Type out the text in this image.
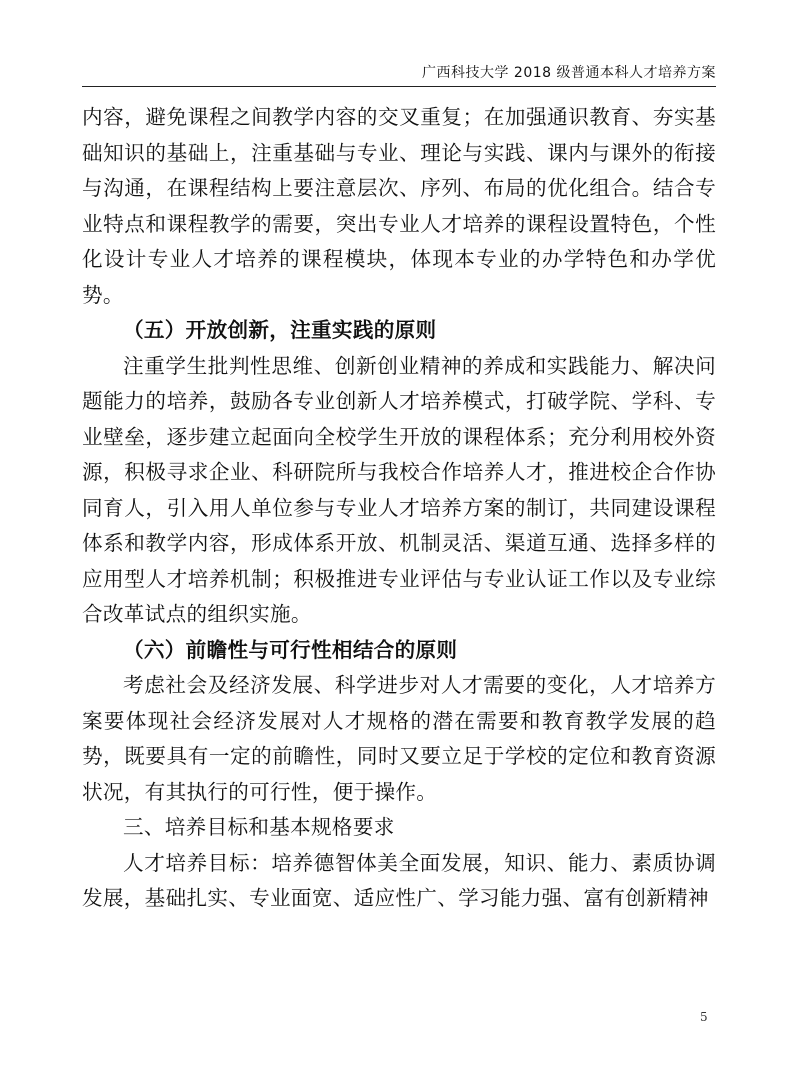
广西科技大学 2018 级普通本科人才培养方案

内容，避免课程之间教学内容的交叉重复；在加强通识教育、夯实基础知识的基础上，注重基础与专业、理论与实践、课内与课外的衔接与沟通，在课程结构上要注意层次、序列、布局的优化组合。结合专业特点和课程教学的需要，突出专业人才培养的课程设置特色，个性化设计专业人才培养的课程模块，体现本专业的办学特色和办学优势。

（五）开放创新，注重实践的原则

注重学生批判性思维、创新创业精神的养成和实践能力、解决问题能力的培养，鼓励各专业创新人才培养模式，打破学院、学科、专业壁垒，逐步建立起面向全校学生开放的课程体系；充分利用校外资源，积极寻求企业、科研院所与我校合作培养人才，推进校企合作协同育人，引入用人单位参与专业人才培养方案的制订，共同建设课程体系和教学内容，形成体系开放、机制灵活、渠道互通、选择多样的应用型人才培养机制；积极推进专业评估与专业认证工作以及专业综合改革试点的组织实施。

（六）前瞻性与可行性相结合的原则

考虑社会及经济发展、科学进步对人才需要的变化，人才培养方案要体现社会经济发展对人才规格的潜在需要和教育教学发展的趋势，既要具有一定的前瞻性，同时又要立足于学校的定位和教育资源状况，有其执行的可行性，便于操作。

三、培养目标和基本规格要求

人才培养目标：培养德智体美全面发展，知识、能力、素质协调发展，基础扎实、专业面宽、适应性广、学习能力强、富有创新精神

5
